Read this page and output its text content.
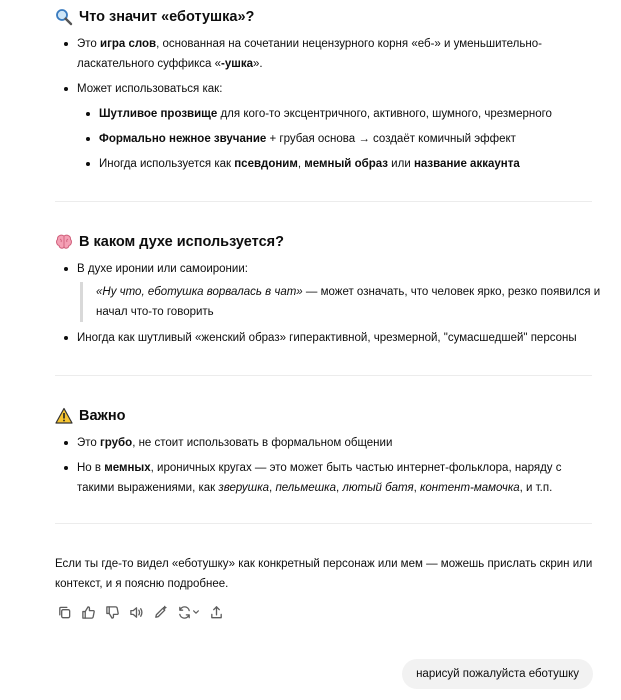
Что значит «еботушка»?

Это игра слов, основанная на сочетании нецензурного корня «еб-» и уменьшительно-ласкательного суффикса «-ушка».

Может использоваться как:

Шутливое прозвище для кого-то эксцентричного, активного, шумного, чрезмерного

Формально нежное звучание + грубая основа → создаёт комичный эффект

Иногда используется как псевдоним, мемный образ или название аккаунта

В каком духе используется?

В духе иронии или самоиронии:

«Ну что, еботушка ворвалась в чат» — может означать, что человек ярко, резко появился и начал что-то говорить

Иногда как шутливый «женский образ» гиперактивной, чрезмерной, "сумасшедшей" персоны

Важно

Это грубо, не стоит использовать в формальном общении

Но в мемных, ироничных кругах — это может быть частью интернет-фольклора, наряду с такими выражениями, как зверушка, пельмешка, лютый батя, контент-мамочка, и т.п.

Если ты где-то видел «еботушку» как конкретный персонаж или мем — можешь прислать скрин или контекст, и я поясню подробнее.

нарисуй пожалуйста еботушку
